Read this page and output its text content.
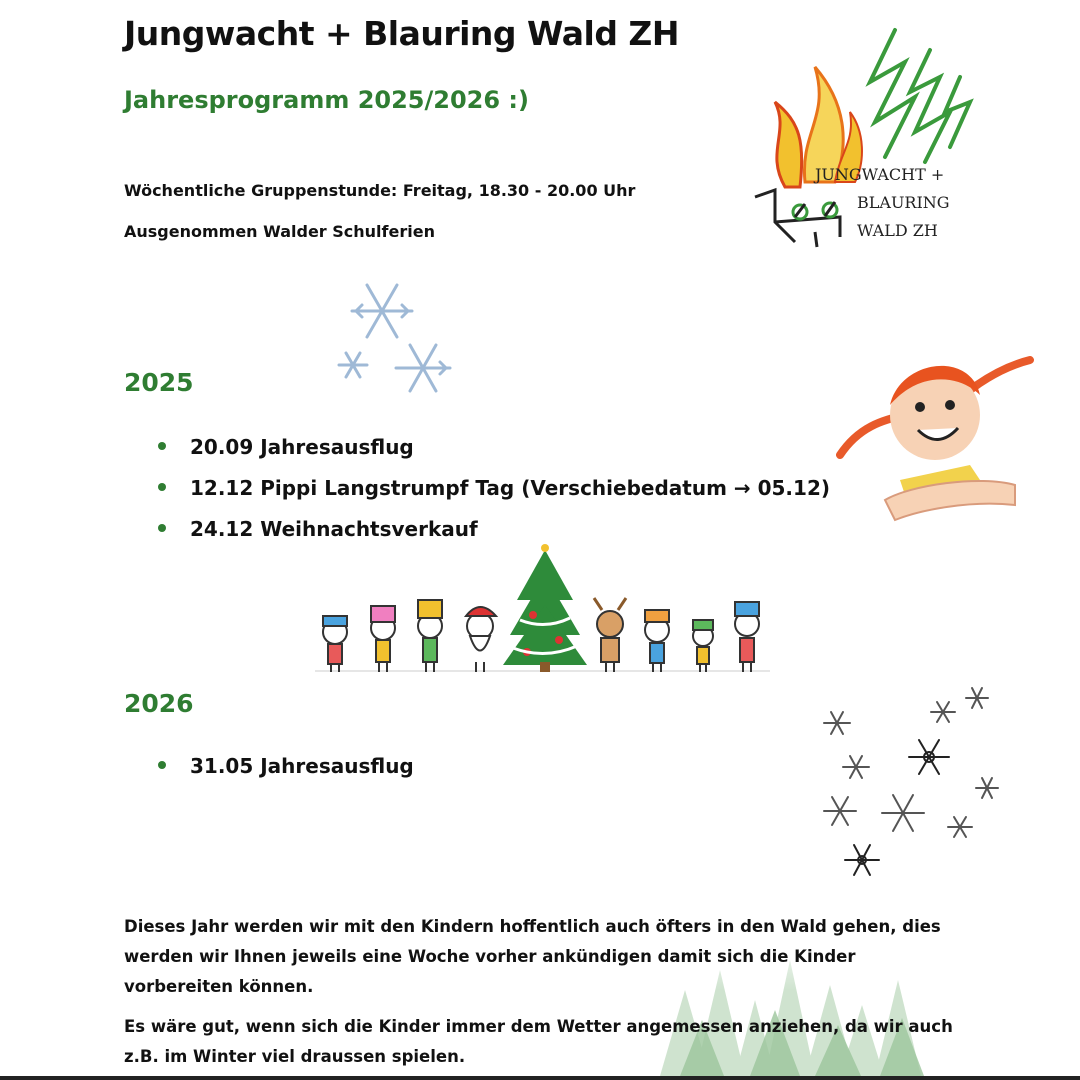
Jungwacht + Blauring Wald ZH
Jahresprogramm 2025/2026 :)
Wöchentliche Gruppenstunde: Freitag, 18.30 - 20.00 Uhr
Ausgenommen Walder Schulferien
JUNGWACHT +
BLAURING
WALD ZH
2025
20.09 Jahresausflug
12.12 Pippi Langstrumpf Tag (Verschiebedatum → 05.12)
24.12 Weihnachtsverkauf
2026
31.05 Jahresausflug
Dieses Jahr werden wir mit den Kindern hoffentlich auch öfters in den Wald gehen, dies werden wir Ihnen jeweils eine Woche vorher ankündigen damit sich die Kinder vorbereiten können.
Es wäre gut, wenn sich die Kinder immer dem Wetter angemessen anziehen, da wir auch z.B. im Winter viel draussen spielen.
